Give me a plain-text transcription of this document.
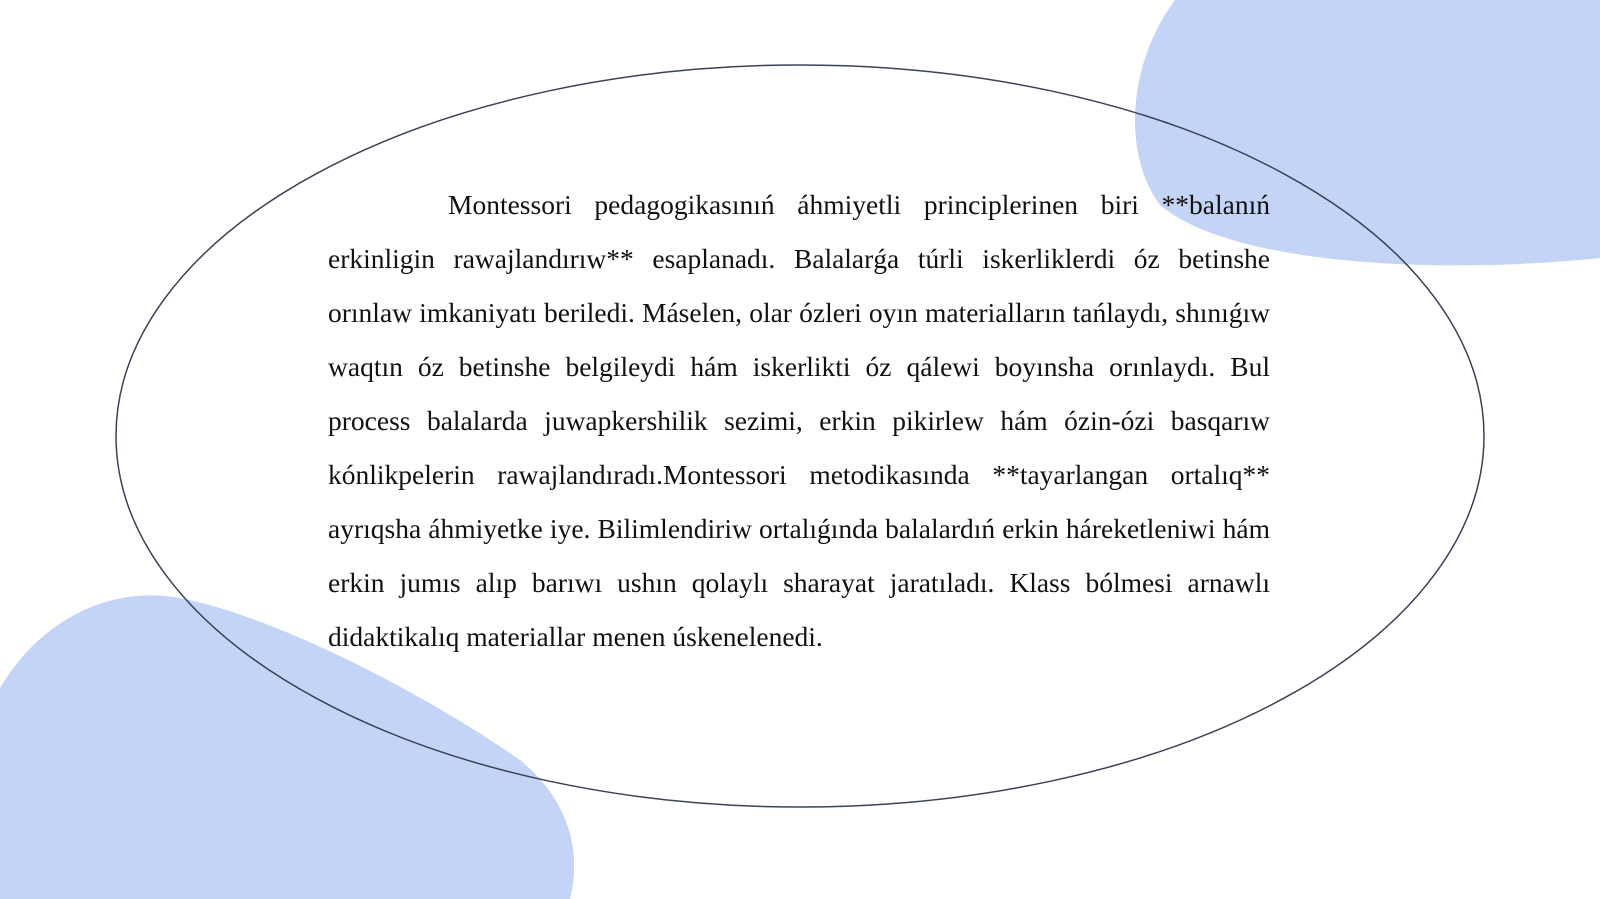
Montessori pedagogikasınıń áhmiyetli principlerinen biri **balanıń erkinligin rawajlandırıw** esaplanadı. Balalarǵa túrli iskerliklerdi óz betinshe orınlaw imkaniyatı beriledi. Máselen, olar ózleri oyın materialların tańlaydı, shınıǵıw waqtın óz betinshe belgileydi hám iskerlikti óz qálewi boyınsha orınlaydı. Bul process balalarda juwapkershilik sezimi, erkin pikirlew hám ózin-ózi basqarıw kónlikpelerin rawajlandıradı.Montessori metodikasında **tayarlangan ortalıq** ayrıqsha áhmiyetke iye. Bilimlendiriw ortalıǵında balalardıń erkin háreketleniwi hám erkin jumıs alıp barıwı ushın qolaylı sharayat jaratıladı. Klass bólmesi arnawlı didaktikalıq materiallar menen úskenelenedi.
